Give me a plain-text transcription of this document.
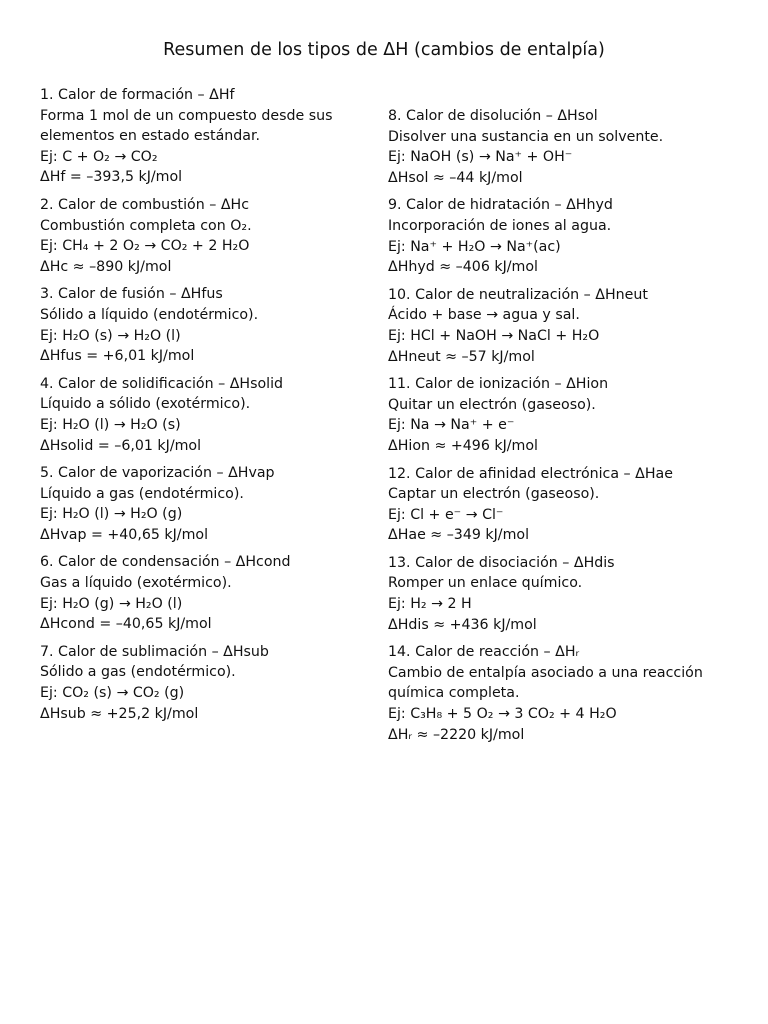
Resumen de los tipos de ΔH (cambios de entalpía)
1. Calor de formación – ΔHf
Forma 1 mol de un compuesto desde sus
elementos en estado estándar.
Ej: C + O₂ → CO₂
ΔHf = –393,5 kJ/mol
2. Calor de combustión – ΔHc
Combustión completa con O₂.
Ej: CH₄ + 2 O₂ → CO₂ + 2 H₂O
ΔHc ≈ –890 kJ/mol
3. Calor de fusión – ΔHfus
Sólido a líquido (endotérmico).
Ej: H₂O (s) → H₂O (l)
ΔHfus = +6,01 kJ/mol
4. Calor de solidificación – ΔHsolid
Líquido a sólido (exotérmico).
Ej: H₂O (l) → H₂O (s)
ΔHsolid = –6,01 kJ/mol
5. Calor de vaporización – ΔHvap
Líquido a gas (endotérmico).
Ej: H₂O (l) → H₂O (g)
ΔHvap = +40,65 kJ/mol
6. Calor de condensación – ΔHcond
Gas a líquido (exotérmico).
Ej: H₂O (g) → H₂O (l)
ΔHcond = –40,65 kJ/mol
7. Calor de sublimación – ΔHsub
Sólido a gas (endotérmico).
Ej: CO₂ (s) → CO₂ (g)
ΔHsub ≈ +25,2 kJ/mol
8. Calor de disolución – ΔHsol
Disolver una sustancia en un solvente.
Ej: NaOH (s) → Na⁺ + OH⁻
ΔHsol ≈ –44 kJ/mol
9. Calor de hidratación – ΔHhyd
Incorporación de iones al agua.
Ej: Na⁺ + H₂O → Na⁺(ac)
ΔHhyd ≈ –406 kJ/mol
10. Calor de neutralización – ΔHneut
Ácido + base → agua y sal.
Ej: HCl + NaOH → NaCl + H₂O
ΔHneut ≈ –57 kJ/mol
11. Calor de ionización – ΔHion
Quitar un electrón (gaseoso).
Ej: Na → Na⁺ + e⁻
ΔHion ≈ +496 kJ/mol
12. Calor de afinidad electrónica – ΔHae
Captar un electrón (gaseoso).
Ej: Cl + e⁻ → Cl⁻
ΔHae ≈ –349 kJ/mol
13. Calor de disociación – ΔHdis
Romper un enlace químico.
Ej: H₂ → 2 H
ΔHdis ≈ +436 kJ/mol
14. Calor de reacción – ΔHᵣ
Cambio de entalpía asociado a una reacción
química completa.
Ej: C₃H₈ + 5 O₂ → 3 CO₂ + 4 H₂O
ΔHᵣ ≈ –2220 kJ/mol
